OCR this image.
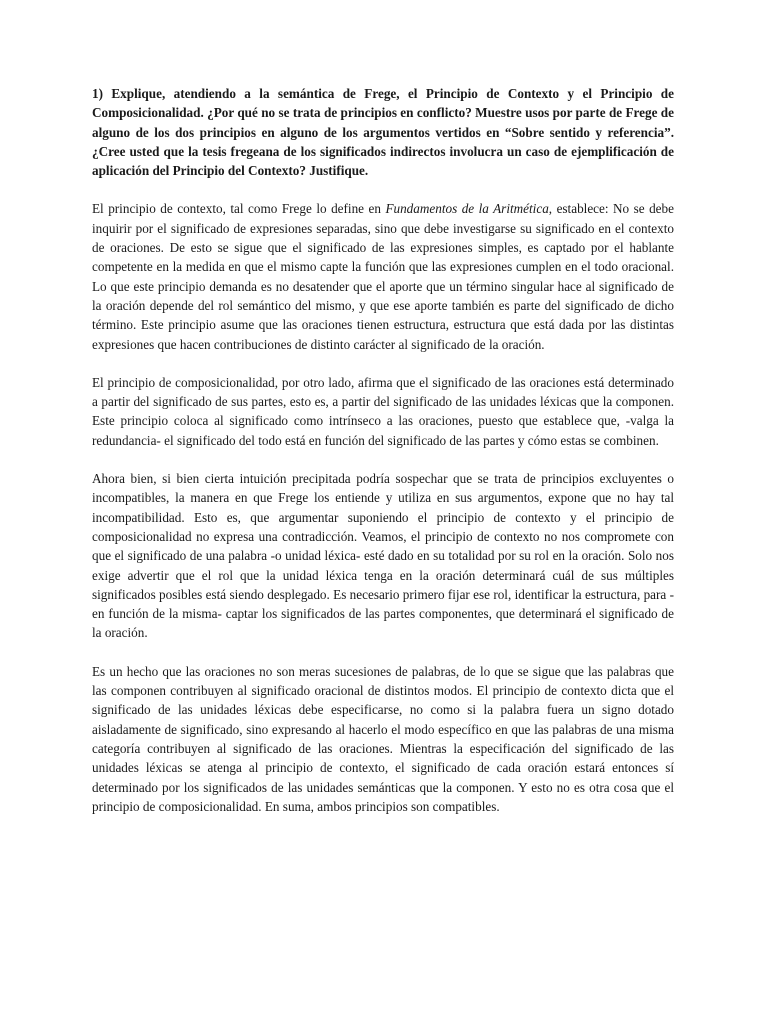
1) Explique, atendiendo a la semántica de Frege, el Principio de Contexto y el Principio de Composicionalidad. ¿Por qué no se trata de principios en conflicto? Muestre usos por parte de Frege de alguno de los dos principios en alguno de los argumentos vertidos en “Sobre sentido y referencia”. ¿Cree usted que la tesis fregeana de los significados indirectos involucra un caso de ejemplificación de aplicación del Principio del Contexto? Justifique.

El principio de contexto, tal como Frege lo define en Fundamentos de la Aritmética, establece: No se debe inquirir por el significado de expresiones separadas, sino que debe investigarse su significado en el contexto de oraciones. De esto se sigue que el significado de las expresiones simples, es captado por el hablante competente en la medida en que el mismo capte la función que las expresiones cumplen en el todo oracional. Lo que este principio demanda es no desatender que el aporte que un término singular hace al significado de la oración depende del rol semántico del mismo, y que ese aporte también es parte del significado de dicho término. Este principio asume que las oraciones tienen estructura, estructura que está dada por las distintas expresiones que hacen contribuciones de distinto carácter al significado de la oración.

El principio de composicionalidad, por otro lado, afirma que el significado de las oraciones está determinado a partir del significado de sus partes, esto es, a partir del significado de las unidades léxicas que la componen. Este principio coloca al significado como intrínseco a las oraciones, puesto que establece que, -valga la redundancia- el significado del todo está en función del significado de las partes y cómo estas se combinen.

Ahora bien, si bien cierta intuición precipitada podría sospechar que se trata de principios excluyentes o incompatibles, la manera en que Frege los entiende y utiliza en sus argumentos, expone que no hay tal incompatibilidad. Esto es, que argumentar suponiendo el principio de contexto y el principio de composicionalidad no expresa una contradicción. Veamos, el principio de contexto no nos compromete con que el significado de una palabra -o unidad léxica- esté dado en su totalidad por su rol en la oración. Solo nos exige advertir que el rol que la unidad léxica tenga en la oración determinará cuál de sus múltiples significados posibles está siendo desplegado. Es necesario primero fijar ese rol, identificar la estructura, para -en función de la misma- captar los significados de las partes componentes, que determinará el significado de la oración.

Es un hecho que las oraciones no son meras sucesiones de palabras, de lo que se sigue que las palabras que las componen contribuyen al significado oracional de distintos modos. El principio de contexto dicta que el significado de las unidades léxicas debe especificarse, no como si la palabra fuera un signo dotado aisladamente de significado, sino expresando al hacerlo el modo específico en que las palabras de una misma categoría contribuyen al significado de las oraciones. Mientras la especificación del significado de las unidades léxicas se atenga al principio de contexto, el significado de cada oración estará entonces sí determinado por los significados de las unidades semánticas que la componen. Y esto no es otra cosa que el principio de composicionalidad. En suma, ambos principios son compatibles.
